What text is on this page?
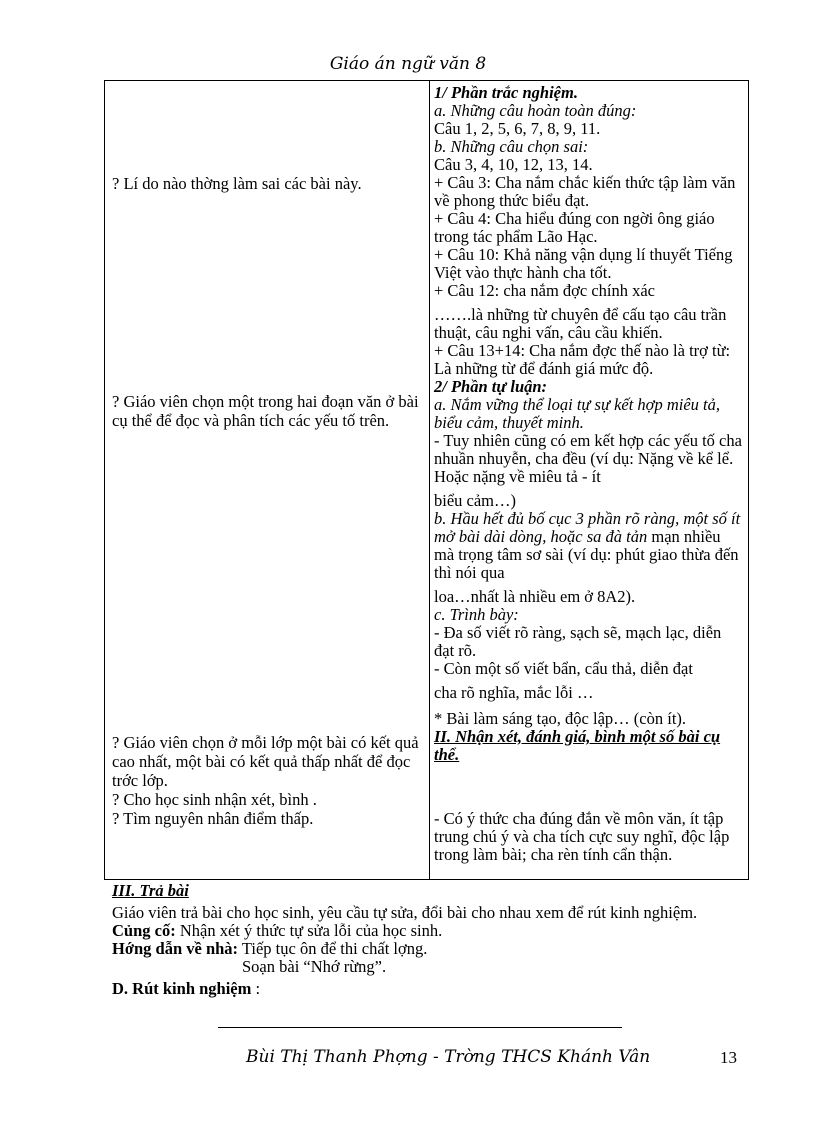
Giáo án ngữ văn 8
? Lí do nào thờng làm sai các bài này.
? Giáo viên chọn một trong hai đoạn văn ở bài cụ thể để đọc và phân tích các yếu tố trên.
? Giáo viên chọn ở mỗi lớp một bài có kết quả cao nhất, một bài có kết quả thấp nhất để đọc trớc lớp.
? Cho học sinh nhận xét, bình .
? Tìm nguyên nhân điểm thấp.

1/ Phần trắc nghiệm.

a. Những câu hoàn toàn đúng:

Câu 1, 2, 5, 6, 7, 8, 9, 11.

b. Những câu chọn sai:

Câu 3, 4, 10, 12, 13, 14.

+ Câu 3: Cha nắm chắc kiến thức tập làm văn về phong thức biểu đạt.

+ Câu 4: Cha hiểu đúng con ngời ông giáo trong tác phẩm Lão Hạc.

+ Câu 10: Khả năng vận dụng lí thuyết Tiếng Việt vào thực hành cha tốt.

+ Câu 12: cha nắm đợc chính xác

…….là những từ chuyên để cấu tạo câu trần thuật, câu nghi vấn, câu cầu khiến.

+ Câu 13+14: Cha nắm đợc thế nào là trợ từ: Là những từ để đánh giá mức độ.

2/ Phần tự luận:

a. Nắm vững thể loại tự sự kết hợp miêu tả, biểu cảm, thuyết minh.

- Tuy nhiên cũng có em kết hợp các yếu tố cha nhuần nhuyễn, cha đều (ví dụ: Nặng về kể lể. Hoặc nặng về miêu tả - ít

biểu cảm…)

b. Hầu hết đủ bố cục 3 phần rõ ràng, một số ít mở bài dài dòng, hoặc sa đà tản mạn nhiều mà trọng tâm sơ sài (ví dụ: phút giao thừa đến thì nói qua

loa…nhất là nhiều em ở 8A2).

c. Trình bày:

- Đa số viết rõ ràng, sạch sẽ, mạch lạc, diễn đạt rõ.

- Còn một số viết bẩn, cẩu thả, diễn đạt

cha rõ nghĩa, mắc lỗi …

* Bài làm sáng tạo, độc lập… (còn ít).

II. Nhận xét, đánh giá, bình một số bài cụ thể.

- Có ý thức cha đúng đắn về môn văn, ít tập trung chú ý và cha tích cực suy nghĩ, độc lập trong làm bài; cha rèn tính cẩn thận.

III. Trả bài

Giáo viên trả bài cho học sinh, yêu cầu tự sửa, đổi bài cho nhau xem để rút kinh nghiệm.

Củng cố: Nhận xét ý thức tự sửa lỗi của học sinh.

Hớng dẫn về nhà: Tiếp tục ôn để thi chất lợng.

Soạn bài “Nhớ rừng”.

D. Rút kinh nghiệm :

Bùi Thị Thanh Phợng - Trờng THCS Khánh Vân	13
